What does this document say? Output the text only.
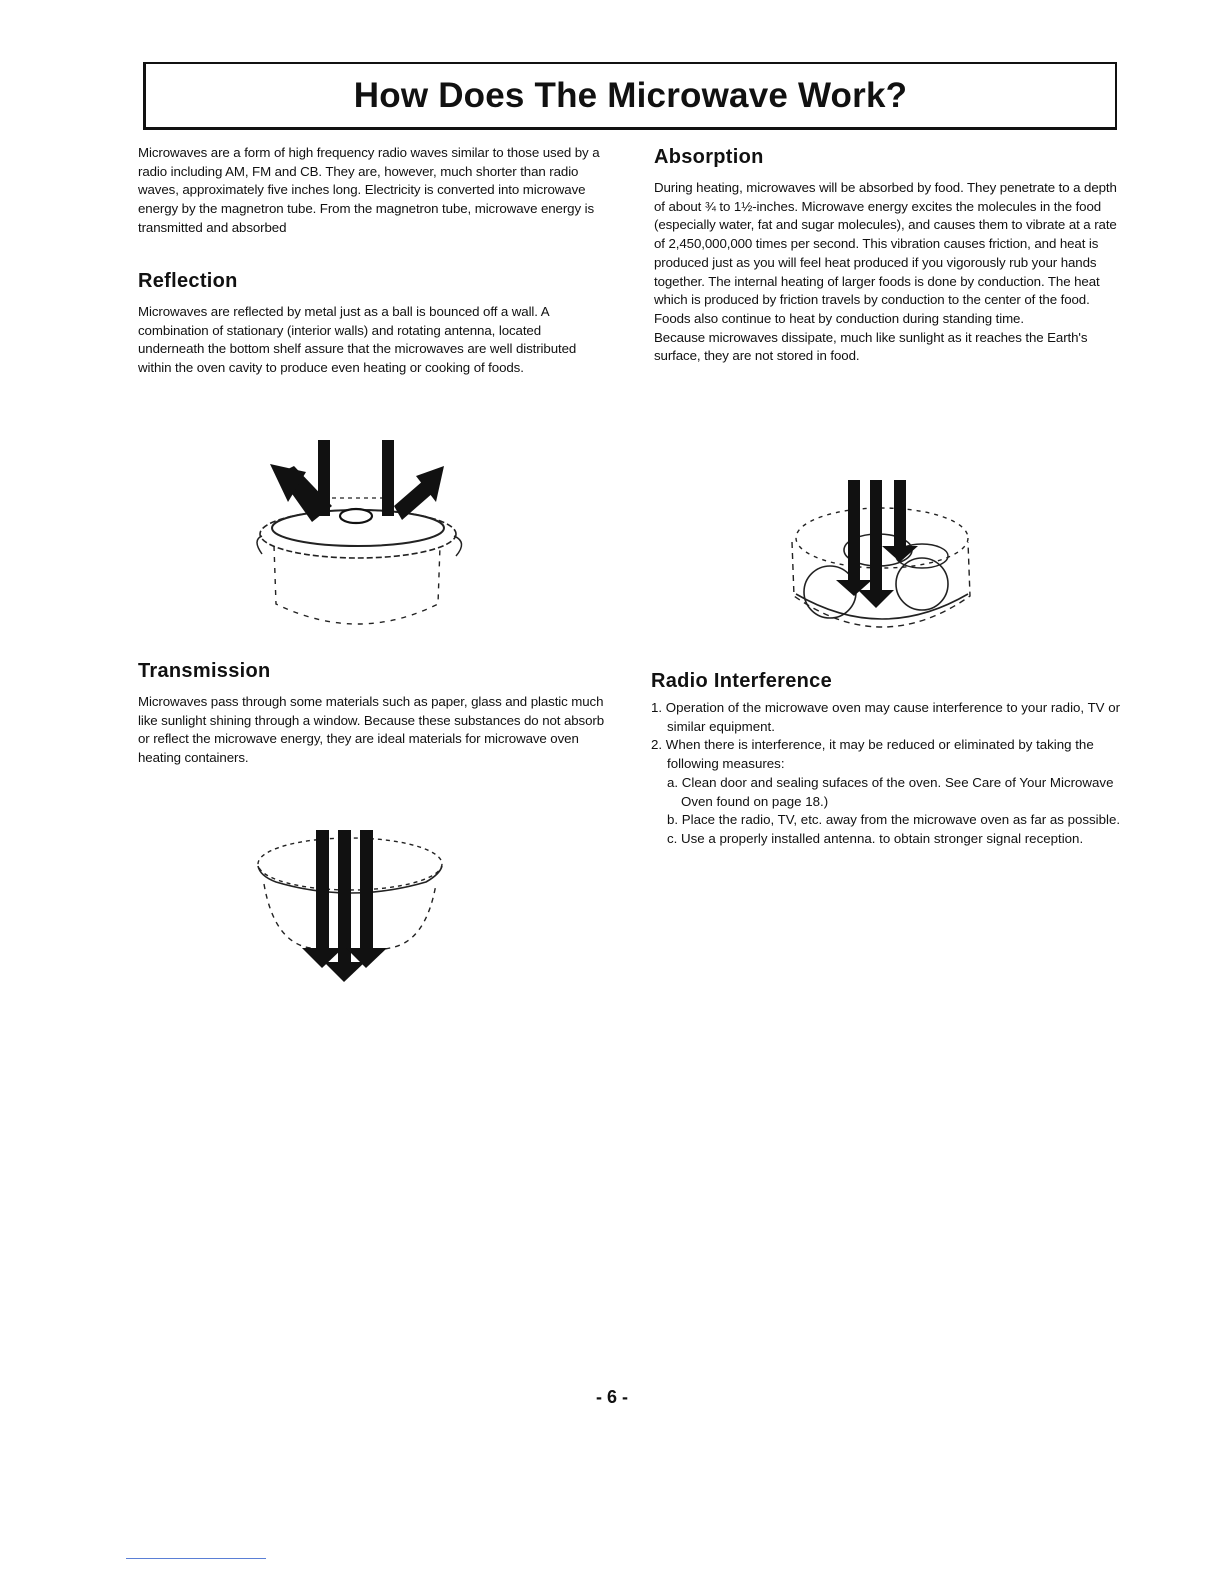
How Does The Microwave Work?

Microwaves are a form of high frequency radio waves similar to those used by a radio including AM, FM and CB. They are, however, much shorter than radio waves, approximately five inches long. Electricity is converted into microwave energy by the magnetron tube. From the magnetron tube, microwave energy is transmitted and absorbed

Reflection

Microwaves are reflected by metal just as a ball is bounced off a wall. A combination of stationary (interior walls) and rotating antenna, located underneath the bottom shelf assure that the microwaves are well distributed within the oven cavity to produce even heating or cooking of foods.

Transmission

Microwaves pass through some materials such as paper, glass and plastic much like sunlight shining through a window. Because these substances do not absorb or reflect the microwave energy, they are ideal materials for microwave oven heating containers.

Absorption

During heating, microwaves will be absorbed by food. They penetrate to a depth of about ¾ to 1½-inches. Microwave energy excites the molecules in the food (especially water, fat and sugar molecules), and causes them to vibrate at a rate of 2,450,000,000 times per second. This vibration causes friction, and heat is produced just as you will feel heat produced if you vigorously rub your hands together. The internal heating of larger foods is done by conduction. The heat which is produced by friction travels by conduction to the center of the food. Foods also continue to heat by conduction during standing time.

Because microwaves dissipate, much like sunlight as it reaches the Earth's surface, they are not stored in food.

Radio Interference
1. Operation of the microwave oven may cause interference to your radio, TV or similar equipment.
2. When there is interference, it may be reduced or eliminated by taking the following measures:
a. Clean door and sealing sufaces of the oven. See Care of Your Microwave Oven found on page 18.)
b. Place the radio, TV, etc. away from the microwave oven as far as possible.
c. Use a properly installed antenna. to obtain stronger signal reception.
- 6 -
